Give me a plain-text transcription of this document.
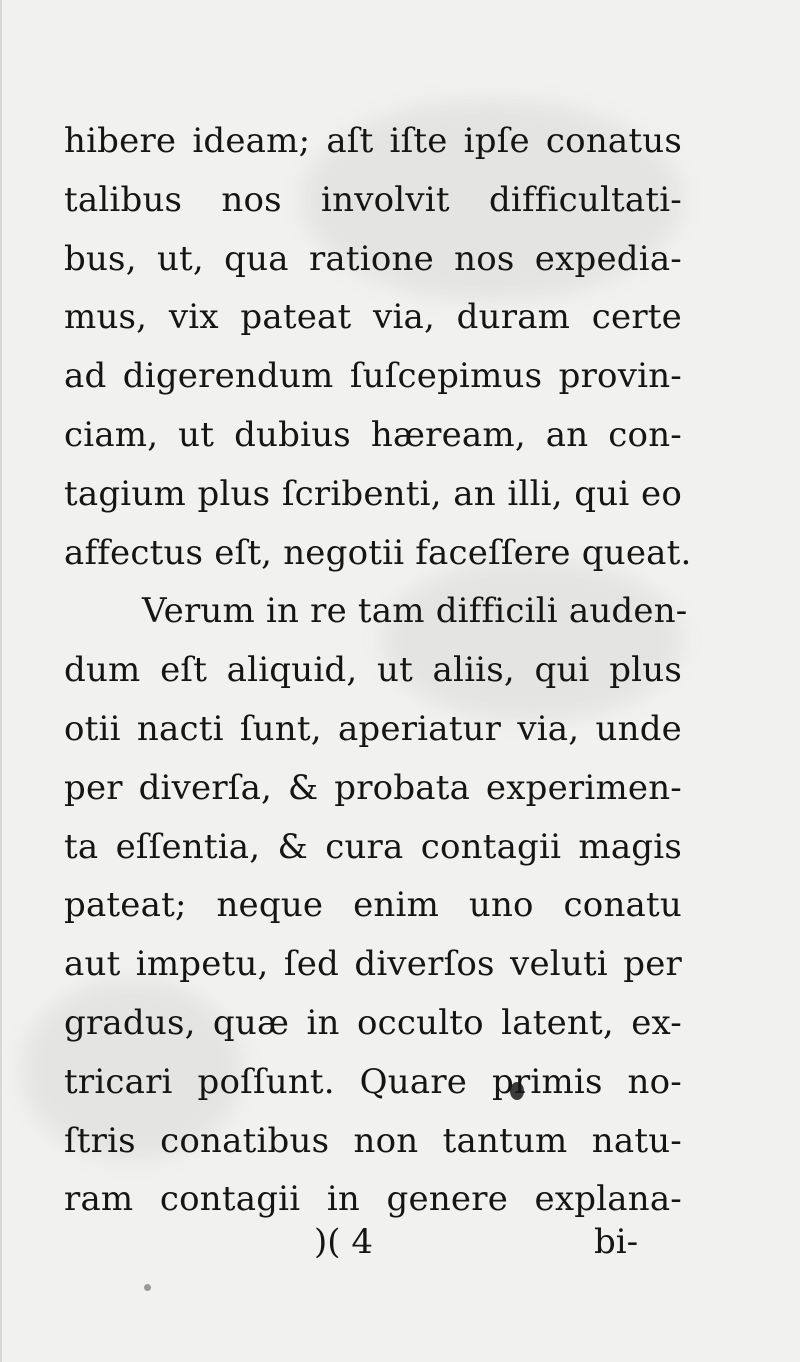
hibere ideam; aſt iſte ipſe conatus
talibus nos involvit difficultati-
bus, ut, qua ratione nos expedia-
mus, vix pateat via, duram certe
ad digerendum ſuſcepimus provin-
ciam, ut dubius hæream, an con-
tagium plus ſcribenti, an illi, qui eo
affectus eſt, negotii faceſſere queat.
Verum in re tam difficili auden-
dum eſt aliquid, ut aliis, qui plus
otii nacti ſunt, aperiatur via, unde
per diverſa, & probata experimen-
ta eſſentia, & cura contagii magis
pateat; neque enim uno conatu
aut impetu, ſed diverſos veluti per
gradus, quæ in occulto latent, ex-
tricari poſſunt. Quare primis no-
ſtris conatibus non tantum natu-
ram contagii in genere explana-
)( 4	bi-
